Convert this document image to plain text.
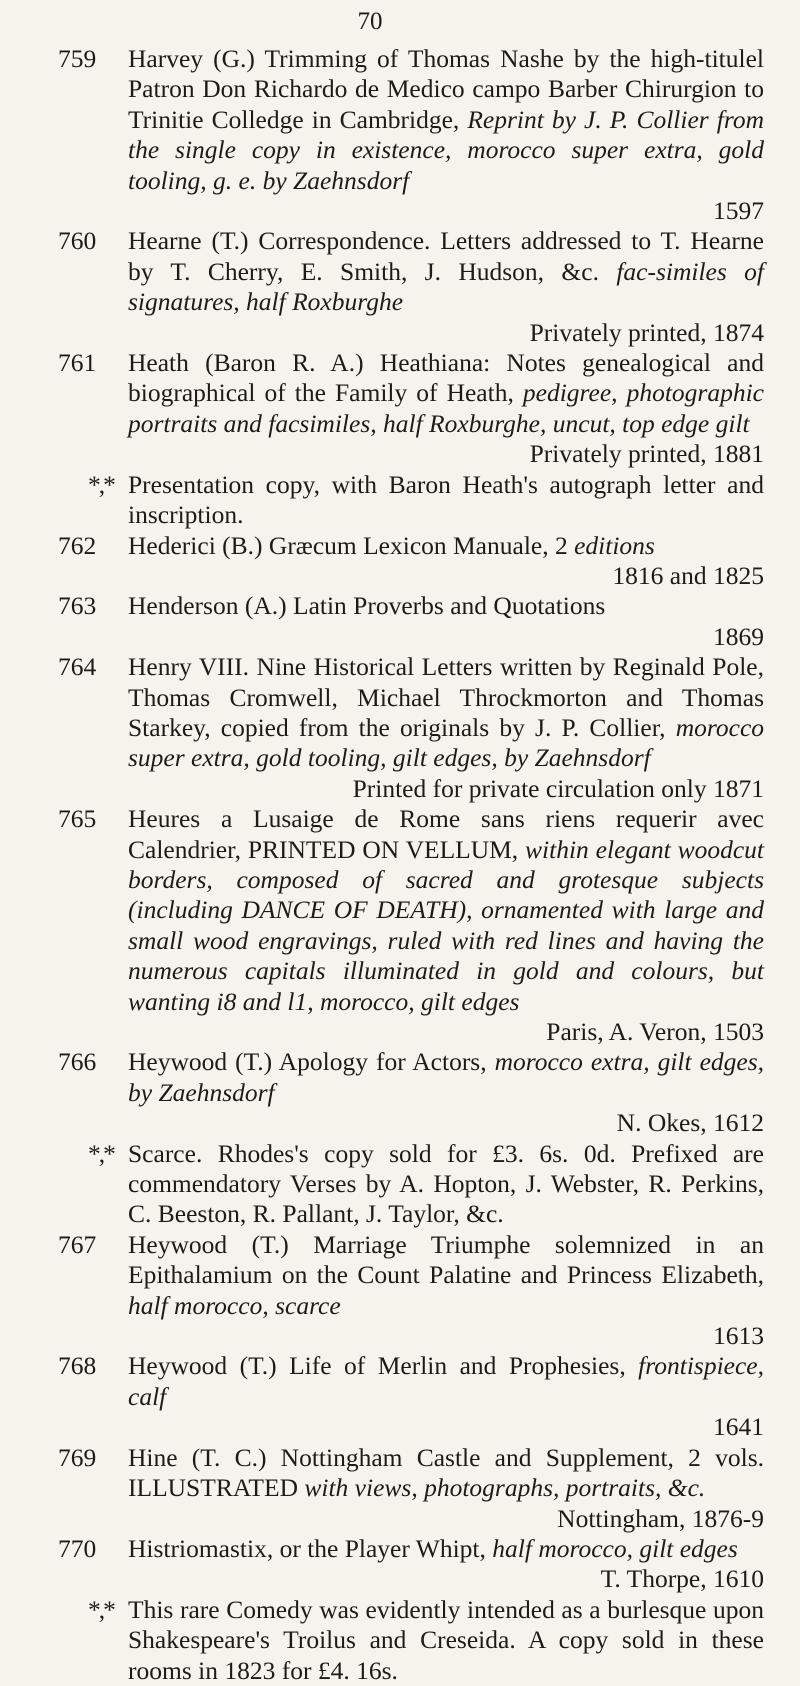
70
759 Harvey (G.) Trimming of Thomas Nashe by the high-titulel Patron Don Richardo de Medico campo Barber Chirurgion to Trinitie Colledge in Cambridge, Reprint by J. P. Collier from the single copy in existence, morocco super extra, gold tooling, g. e. by Zaehnsdorf
1597
760 Hearne (T.) Correspondence. Letters addressed to T. Hearne by T. Cherry, E. Smith, J. Hudson, &c. fac-similes of signatures, half Roxburghe
Privately printed, 1874
761 Heath (Baron R. A.) Heathiana: Notes genealogical and biographical of the Family of Heath, pedigree, photographic portraits and facsimiles, half Roxburghe, uncut, top edge gilt
Privately printed, 1881
*,* Presentation copy, with Baron Heath's autograph letter and inscription.
762 Hederici (B.) Græcum Lexicon Manuale, 2 editions
1816 and 1825
763 Henderson (A.) Latin Proverbs and Quotations
1869
764 Henry VIII. Nine Historical Letters written by Reginald Pole, Thomas Cromwell, Michael Throckmorton and Thomas Starkey, copied from the originals by J. P. Collier, morocco super extra, gold tooling, gilt edges, by Zaehnsdorf
Printed for private circulation only 1871
765 Heures a Lusaige de Rome sans riens requerir avec Calendrier, PRINTED ON VELLUM, within elegant woodcut borders, composed of sacred and grotesque subjects (including DANCE OF DEATH), ornamented with large and small wood engravings, ruled with red lines and having the numerous capitals illuminated in gold and colours, but wanting i8 and l1, morocco, gilt edges
Paris, A. Veron, 1503
766 Heywood (T.) Apology for Actors, morocco extra, gilt edges, by Zaehnsdorf
N. Okes, 1612
*,* Scarce. Rhodes's copy sold for £3. 6s. 0d. Prefixed are commendatory Verses by A. Hopton, J. Webster, R. Perkins, C. Beeston, R. Pallant, J. Taylor, &c.
767 Heywood (T.) Marriage Triumphe solemnized in an Epithalamium on the Count Palatine and Princess Elizabeth, half morocco, scarce
1613
768 Heywood (T.) Life of Merlin and Prophesies, frontispiece, calf
1641
769 Hine (T. C.) Nottingham Castle and Supplement, 2 vols. ILLUSTRATED with views, photographs, portraits, &c.
Nottingham, 1876-9
770 Histriomastix, or the Player Whipt, half morocco, gilt edges
T. Thorpe, 1610
*,* This rare Comedy was evidently intended as a burlesque upon Shakespeare's Troilus and Creseida. A copy sold in these rooms in 1823 for £4. 16s.
